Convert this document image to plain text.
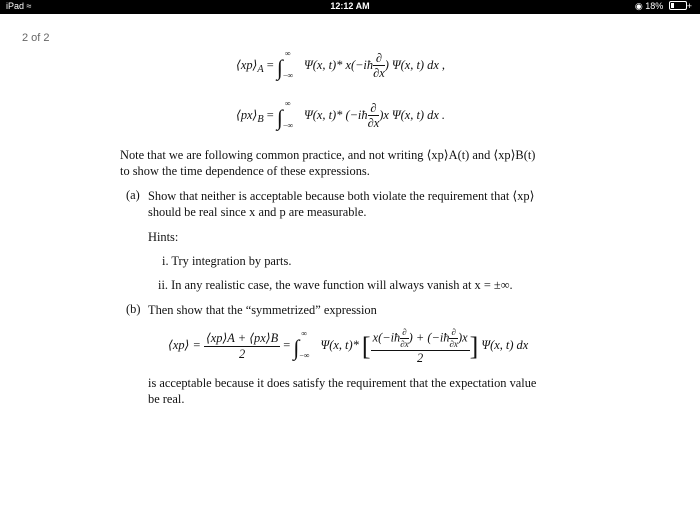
iPad ≈	12:12 AM	◉ 18%	+
2 of 2
$⟨xp⟩_A$ = ∫
∞
−∞
Ψ(x, t)* x(−iħ $\frac{\partial}{\partial x}$ ) Ψ(x, t) dx ,
$⟨px⟩_B$ = ∫
∞
−∞
Ψ(x, t)* (−iħ $\frac{\partial}{\partial x} )x$ Ψ(x, t) dx .
Note that we are following common practice, and not writing ⟨xp⟩A(t) and ⟨xp⟩B(t)
to show the time dependence of these expressions.
(a) Show that neither is acceptable because both violate the requirement that ⟨xp⟩
should be real since x and p are measurable.
Hints:
i. Try integration by parts.
ii. In any realistic case, the wave function will always vanish at x = ±∞.
(b) Then show that the “symmetrized” expression
⟨xp⟩ = $\frac{⟨xp⟩A + ⟨px⟩B}{2}$ = ∫
∞
−∞
Ψ(x, t)* [ $\frac{x(-iħ \frac{\partial}{\partial x} ) + (-iħ \frac{\partial}{\partial x} )x}{2}$ ] Ψ(x, t) dx
is acceptable because it does satisfy the requirement that the expectation value
be real.
